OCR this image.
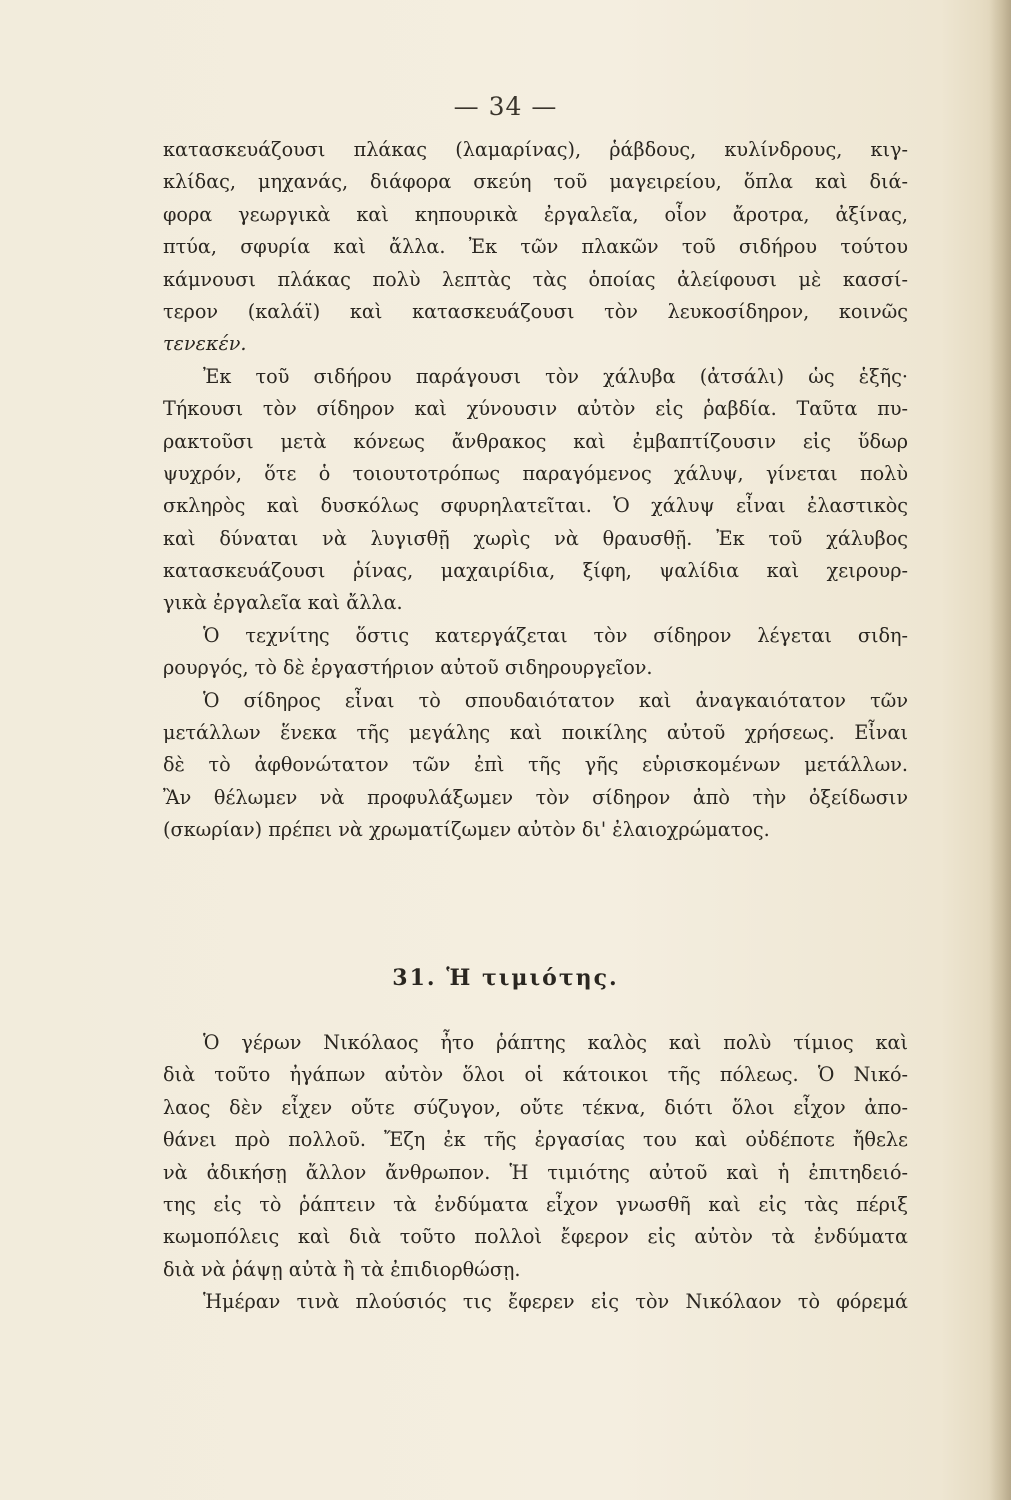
— 34 —
κατασκευάζουσι πλάκας (λαμαρίνας), ῥάβδους, κυλίνδρους, κιγ-
κλίδας, μηχανάς, διάφορα σκεύη τοῦ μαγειρείου, ὅπλα καὶ διά-
φορα γεωργικὰ καὶ κηπουρικὰ ἐργαλεῖα, οἷον ἄροτρα, ἀξίνας,
πτύα, σφυρία καὶ ἄλλα. Ἐκ τῶν πλακῶν τοῦ σιδήρου τούτου
κάμνουσι πλάκας πολὺ λεπτὰς τὰς ὁποίας ἀλείφουσι μὲ κασσί-
τερον (καλάϊ) καὶ κατασκευάζουσι τὸν λευκοσίδηρον, κοινῶς
τενεκέν.
Ἐκ τοῦ σιδήρου παράγουσι τὸν χάλυβα (ἀτσάλι) ὡς ἑξῆς·
Τήκουσι τὸν σίδηρον καὶ χύνουσιν αὐτὸν εἰς ῥαβδία. Ταῦτα πυ-
ρακτοῦσι μετὰ κόνεως ἄνθρακος καὶ ἐμβαπτίζουσιν εἰς ὕδωρ
ψυχρόν, ὅτε ὁ τοιουτοτρόπως παραγόμενος χάλυψ, γίνεται πολὺ
σκληρὸς καὶ δυσκόλως σφυρηλατεῖται. Ὁ χάλυψ εἶναι ἐλαστικὸς
καὶ δύναται νὰ λυγισθῇ χωρὶς νὰ θραυσθῇ. Ἐκ τοῦ χάλυβος
κατασκευάζουσι ῥίνας, μαχαιρίδια, ξίφη, ψαλίδια καὶ χειρουρ-
γικὰ ἐργαλεῖα καὶ ἄλλα.
Ὁ τεχνίτης ὅστις κατεργάζεται τὸν σίδηρον λέγεται σιδη-
ρουργός, τὸ δὲ ἐργαστήριον αὐτοῦ σιδηρουργεῖον.
Ὁ σίδηρος εἶναι τὸ σπουδαιότατον καὶ ἀναγκαιότατον τῶν
μετάλλων ἕνεκα τῆς μεγάλης καὶ ποικίλης αὐτοῦ χρήσεως. Εἶναι
δὲ τὸ ἀφθονώτατον τῶν ἐπὶ τῆς γῆς εὑρισκομένων μετάλλων.
Ἂν θέλωμεν νὰ προφυλάξωμεν τὸν σίδηρον ἀπὸ τὴν ὀξείδωσιν
(σκωρίαν) πρέπει νὰ χρωματίζωμεν αὐτὸν δι' ἐλαιοχρώματος.
31. Ἡ τιμιότης.
Ὁ γέρων Νικόλαος ἦτο ῥάπτης καλὸς καὶ πολὺ τίμιος καὶ
διὰ τοῦτο ἠγάπων αὐτὸν ὅλοι οἱ κάτοικοι τῆς πόλεως. Ὁ Νικό-
λαος δὲν εἶχεν οὔτε σύζυγον, οὔτε τέκνα, διότι ὅλοι εἶχον ἀπο-
θάνει πρὸ πολλοῦ. Ἔζη ἐκ τῆς ἐργασίας του καὶ οὐδέποτε ἤθελε
νὰ ἀδικήσῃ ἄλλον ἄνθρωπον. Ἡ τιμιότης αὐτοῦ καὶ ἡ ἐπιτηδειό-
της εἰς τὸ ῥάπτειν τὰ ἐνδύματα εἶχον γνωσθῆ καὶ εἰς τὰς πέριξ
κωμοπόλεις καὶ διὰ τοῦτο πολλοὶ ἔφερον εἰς αὐτὸν τὰ ἐνδύματα
διὰ νὰ ῥάψῃ αὐτὰ ἢ τὰ ἐπιδιορθώσῃ.
Ἡμέραν τινὰ πλούσιός τις ἔφερεν εἰς τὸν Νικόλαον τὸ φόρεμά
